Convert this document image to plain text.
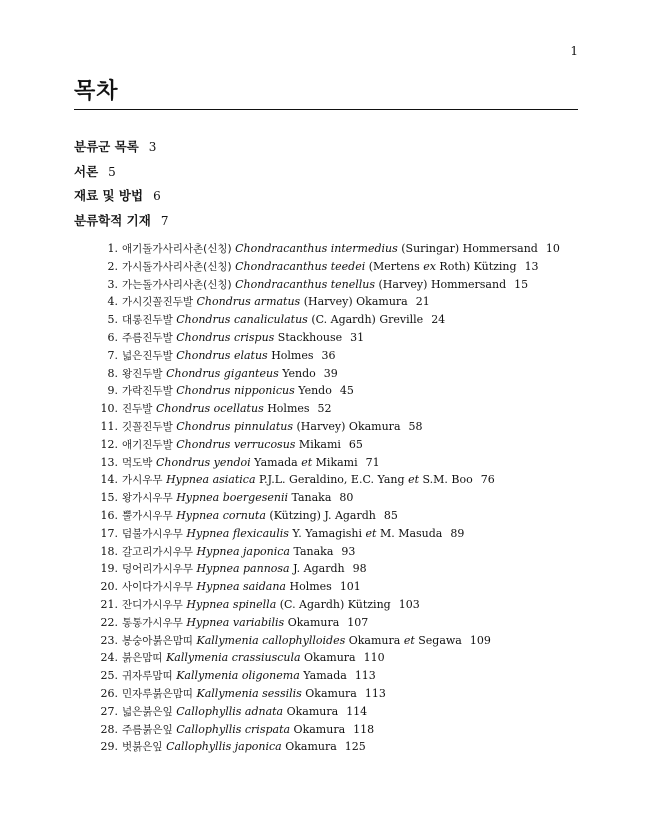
1
목차
분류군 목록 3
서론 5
재료 및 방법 6
분류학적 기재 7
1. 애기돌가사리사촌(신칭) Chondracanthus intermedius (Suringar) Hommersand 10
2. 가시돌가사리사촌(신칭) Chondracanthus teedei (Mertens ex Roth) Kützing 13
3. 가는돌가사리사촌(신칭) Chondracanthus tenellus (Harvey) Hommersand 15
4. 가시깃꼴진두발 Chondrus armatus (Harvey) Okamura 21
5. 대롱진두발 Chondrus canaliculatus (C. Agardh) Greville 24
6. 주름진두발 Chondrus crispus Stackhouse 31
7. 넓은진두발 Chondrus elatus Holmes 36
8. 왕진두발 Chondrus giganteus Yendo 39
9. 가락진두발 Chondrus nipponicus Yendo 45
10. 진두발 Chondrus ocellatus Holmes 52
11. 깃꼴진두발 Chondrus pinnulatus (Harvey) Okamura 58
12. 애기진두발 Chondrus verrucosus Mikami 65
13. 먹도박 Chondrus yendoi Yamada et Mikami 71
14. 가시우무 Hypnea asiatica P.J.L. Geraldino, E.C. Yang et S.M. Boo 76
15. 왕가시우무 Hypnea boergesenii Tanaka 80
16. 뿔가시우무 Hypnea cornuta (Kützing) J. Agardh 85
17. 덤불가시우무 Hypnea flexicaulis Y. Yamagishi et M. Masuda 89
18. 갈고리가시우무 Hypnea japonica Tanaka 93
19. 덩어리가시우무 Hypnea pannosa J. Agardh 98
20. 사이다가시우무 Hypnea saidana Holmes 101
21. 잔디가시우무 Hypnea spinella (C. Agardh) Kützing 103
22. 통통가시우무 Hypnea variabilis Okamura 107
23. 봉숭아붉은맘띠 Kallymenia callophylloides Okamura et Segawa 109
24. 붉은맘띠 Kallymenia crassiuscula Okamura 110
25. 귀자루맘띠 Kallymenia oligonema Yamada 113
26. 민자루붉은맘띠 Kallymenia sessilis Okamura 113
27. 넓은붉은잎 Callophyllis adnata Okamura 114
28. 주름붉은잎 Callophyllis crispata Okamura 118
29. 벗붉은잎 Callophyllis japonica Okamura 125
